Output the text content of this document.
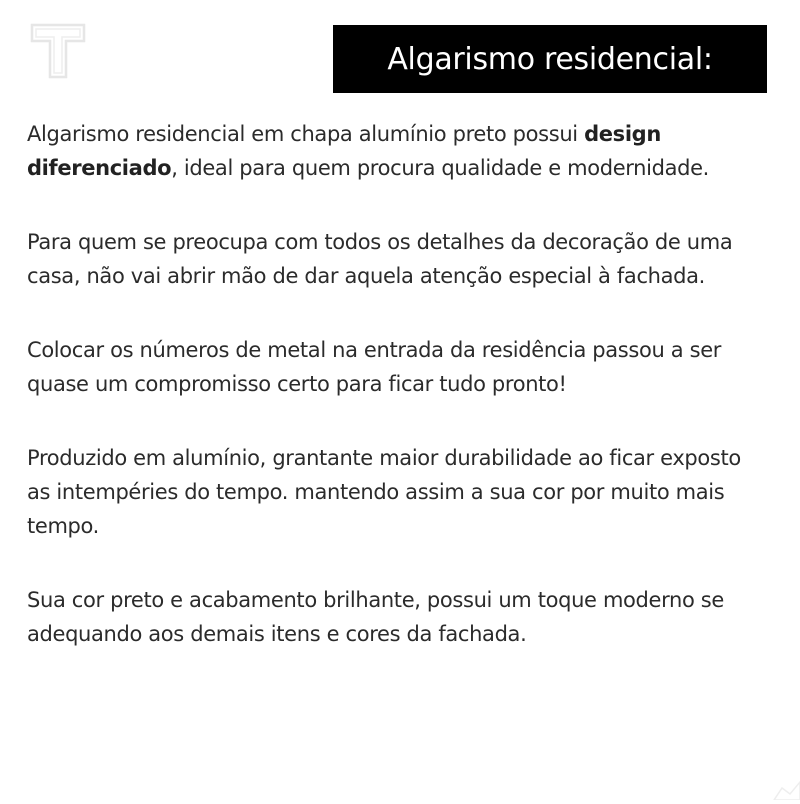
Algarismo residencial:

Algarismo residencial em chapa alumínio preto possui design diferenciado, ideal para quem procura qualidade e modernidade.

Para quem se preocupa com todos os detalhes da decoração de uma casa, não vai abrir mão de dar aquela atenção especial à fachada.

Colocar os números de metal na entrada da residência passou a ser quase um compromisso certo para ficar tudo pronto!

Produzido em alumínio, grantante maior durabilidade ao ficar exposto as intempéries do tempo. mantendo assim a sua cor por muito mais tempo.

Sua cor preto e acabamento brilhante, possui um toque moderno se adequando aos demais itens e cores da fachada.
